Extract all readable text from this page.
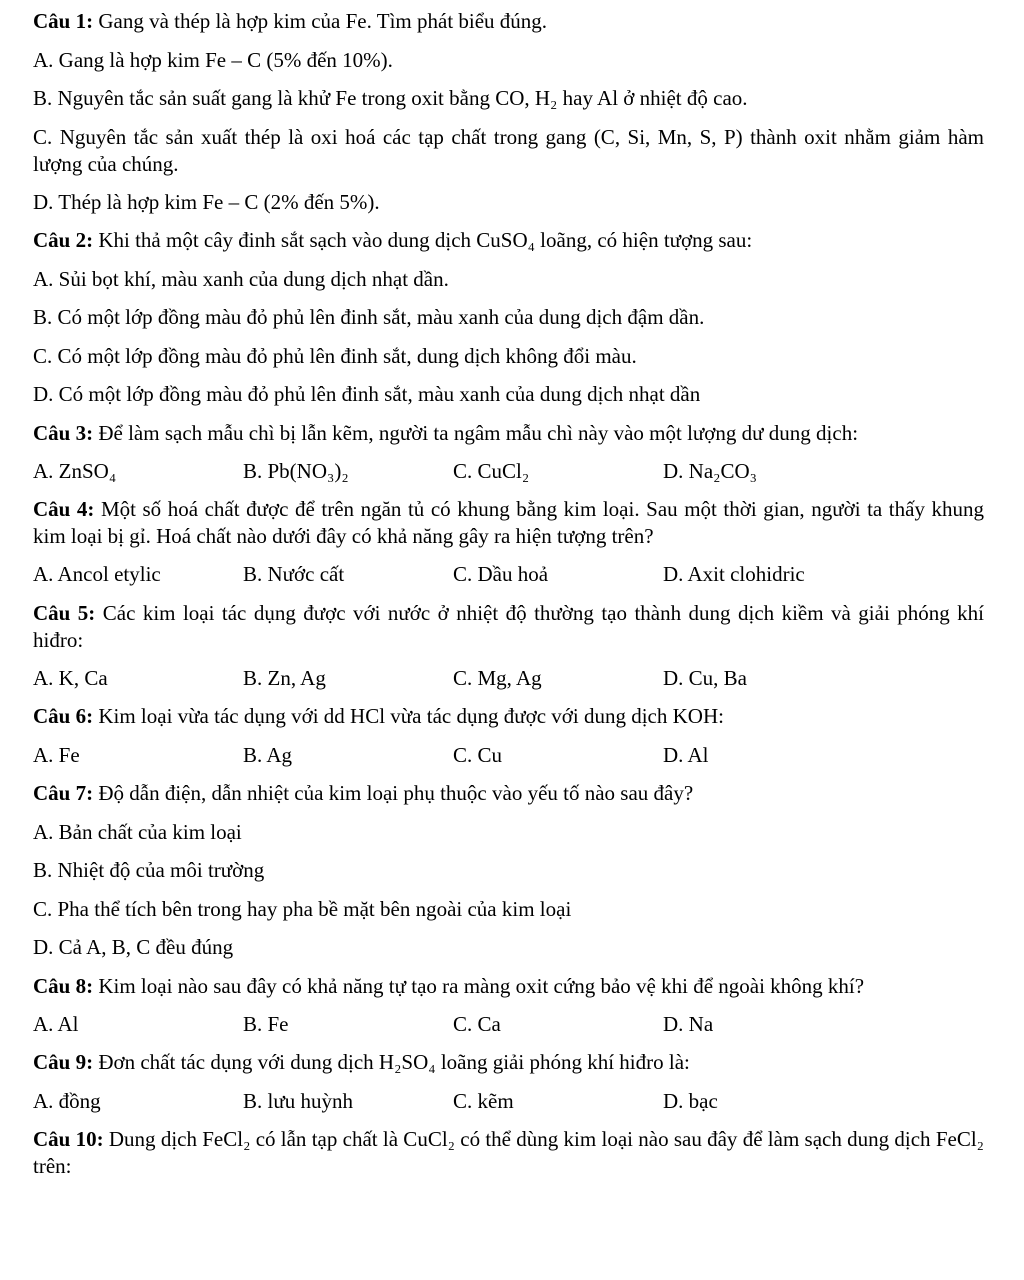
Câu 1: Gang và thép là hợp kim của Fe. Tìm phát biểu đúng.
A. Gang là hợp kim Fe – C (5% đến 10%).
B. Nguyên tắc sản suất gang là khử Fe trong oxit bằng CO, H₂ hay Al ở nhiệt độ cao.
C. Nguyên tắc sản xuất thép là oxi hoá các tạp chất trong gang (C, Si, Mn, S, P) thành oxit nhằm giảm hàm lượng của chúng.
D. Thép là hợp kim Fe – C (2% đến 5%).
Câu 2: Khi thả một cây đinh sắt sạch vào dung dịch CuSO₄ loãng, có hiện tượng sau:
A. Sủi bọt khí, màu xanh của dung dịch nhạt dần.
B. Có một lớp đồng màu đỏ phủ lên đinh sắt, màu xanh của dung dịch đậm dần.
C. Có một lớp đồng màu đỏ phủ lên đinh sắt, dung dịch không đổi màu.
D. Có một lớp đồng màu đỏ phủ lên đinh sắt, màu xanh của dung dịch nhạt dần
Câu 3: Để làm sạch mẫu chì bị lẫn kẽm, người ta ngâm mẫu chì này vào một lượng dư dung dịch:
A. ZnSO₄	B. Pb(NO₃)₂	C. CuCl₂	D. Na₂CO₃
Câu 4: Một số hoá chất được để trên ngăn tủ có khung bằng kim loại. Sau một thời gian, người ta thấy khung kim loại bị gỉ. Hoá chất nào dưới đây có khả năng gây ra hiện tượng trên?
A. Ancol etylic	B. Nước cất	C. Dầu hoả	D. Axit clohidric
Câu 5: Các kim loại tác dụng được với nước ở nhiệt độ thường tạo thành dung dịch kiềm và giải phóng khí hiđro:
A. K, Ca	B. Zn, Ag	C. Mg, Ag	D. Cu, Ba
Câu 6: Kim loại vừa tác dụng với dd HCl vừa tác dụng được với dung dịch KOH:
A. Fe	B. Ag	C. Cu	D. Al
Câu 7: Độ dẫn điện, dẫn nhiệt của kim loại phụ thuộc vào yếu tố nào sau đây?
A. Bản chất của kim loại
B. Nhiệt độ của môi trường
C. Pha thể tích bên trong hay pha bề mặt bên ngoài của kim loại
D. Cả A, B, C đều đúng
Câu 8: Kim loại nào sau đây có khả năng tự tạo ra màng oxit cứng bảo vệ khi để ngoài không khí?
A. Al	B. Fe	C. Ca	D. Na
Câu 9: Đơn chất tác dụng với dung dịch H₂SO₄ loãng giải phóng khí hiđro là:
A. đồng	B. lưu huỳnh	C. kẽm	D. bạc
Câu 10: Dung dịch FeCl₂ có lẫn tạp chất là CuCl₂ có thể dùng kim loại nào sau đây để làm sạch dung dịch FeCl₂ trên:
